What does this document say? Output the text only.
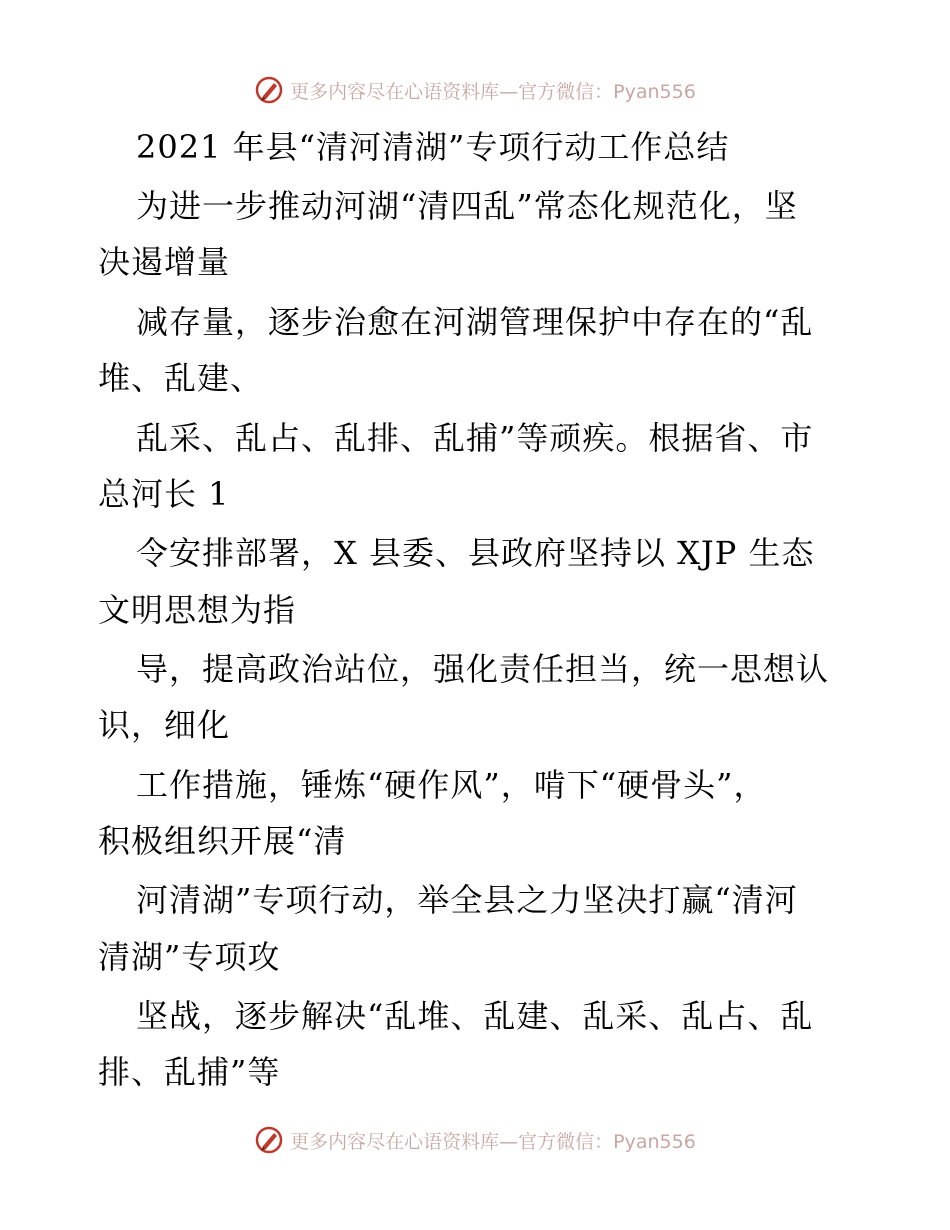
更多内容尽在心语资料库—官方微信：Pyan556
2021 年县“清河清湖”专项行动工作总结
为进一步推动河湖“清四乱”常态化规范化，坚
决遏增量
减存量，逐步治愈在河湖管理保护中存在的“乱
堆、乱建、
乱采、乱占、乱排、乱捕”等顽疾。根据省、市
总河长 1
令安排部署，X 县委、县政府坚持以 XJP 生态
文明思想为指
导，提高政治站位，强化责任担当，统一思想认
识，细化
工作措施，锤炼“硬作风”，啃下“硬骨头”，
积极组织开展“清
河清湖”专项行动，举全县之力坚决打赢“清河
清湖”专项攻
坚战，逐步解决“乱堆、乱建、乱采、乱占、乱
排、乱捕”等
更多内容尽在心语资料库—官方微信：Pyan556
